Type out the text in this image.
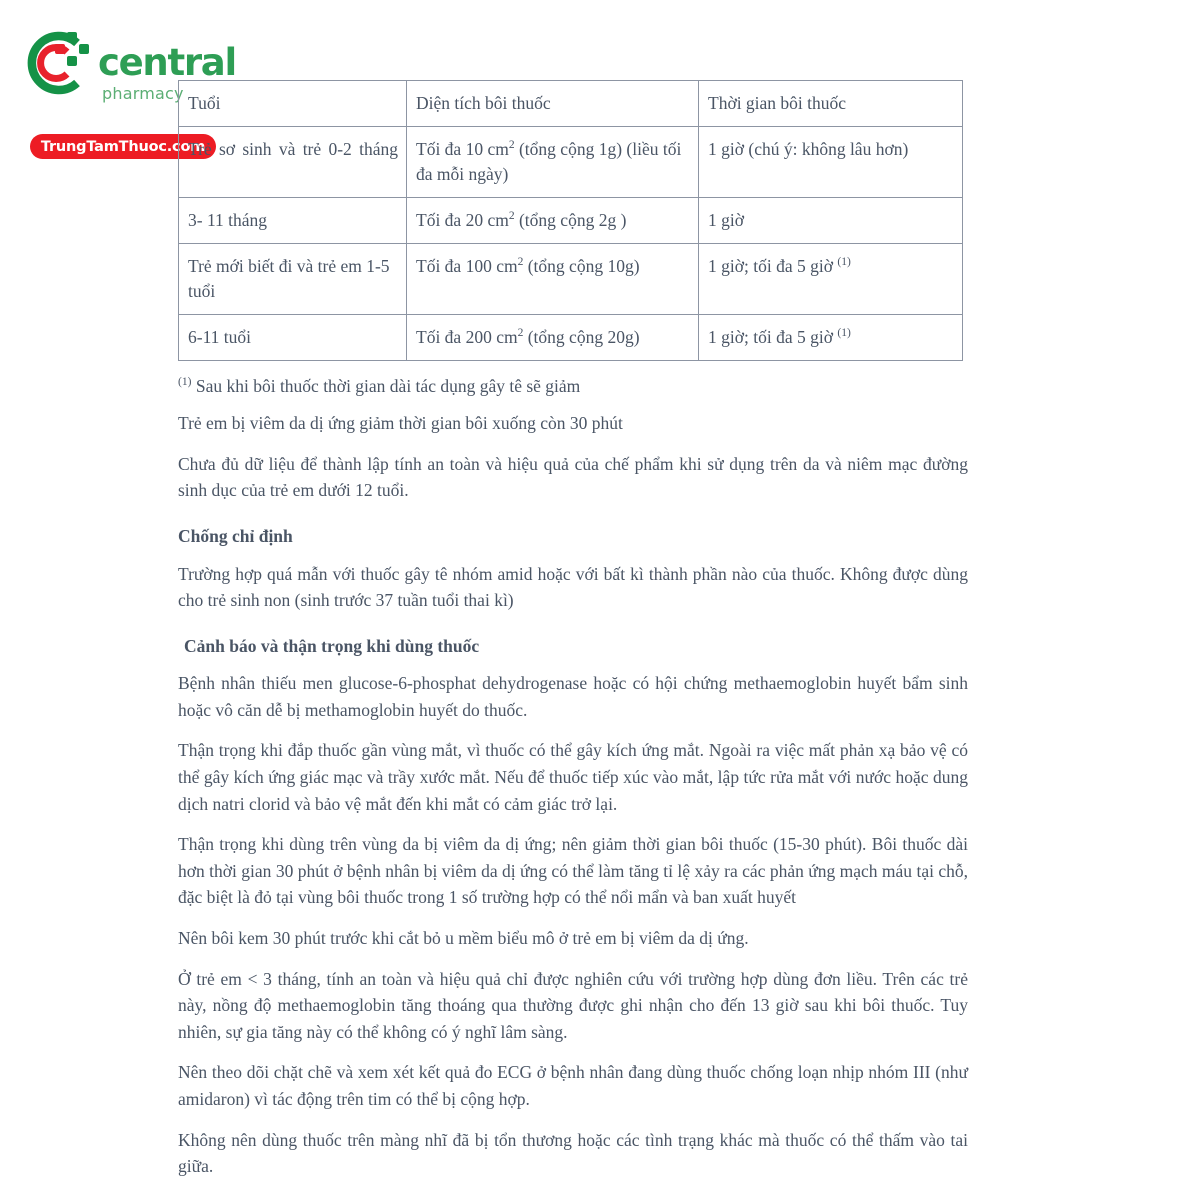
central
pharmacy
TrungTamThuoc.com
Tuổi	Diện tích bôi thuốc	Thời gian bôi thuốc
Trẻ sơ sinh và trẻ 0-2 tháng	Tối đa 10 $cm^2$ (tổng cộng 1g) (liều tối đa mỗi ngày)	1 giờ (chú ý: không lâu hơn)
3- 11 tháng	Tối đa 20 $cm^2$ (tổng cộng 2g )	1 giờ
Trẻ mới biết đi và trẻ em 1-5 tuổi	Tối đa 100 $cm^2$ (tổng cộng 10g)	1 giờ; tối đa 5 giờ $^{(1)}$
6-11 tuổi	Tối đa 200 $cm^2$ (tổng cộng 20g)	1 giờ; tối đa 5 giờ $^{(1)}$

$^{(1)}$ Sau khi bôi thuốc thời gian dài tác dụng gây tê sẽ giảm

Trẻ em bị viêm da dị ứng giảm thời gian bôi xuống còn 30 phút

Chưa đủ dữ liệu để thành lập tính an toàn và hiệu quả của chế phẩm khi sử dụng trên da và niêm mạc đường sinh dục của trẻ em dưới 12 tuổi.

Chống chỉ định

Trường hợp quá mẫn với thuốc gây tê nhóm amid hoặc với bất kì thành phần nào của thuốc. Không được dùng cho trẻ sinh non (sinh trước 37 tuần tuổi thai kì)

Cảnh báo và thận trọng khi dùng thuốc

Bệnh nhân thiếu men glucose-6-phosphat dehydrogenase hoặc có hội chứng methaemoglobin huyết bẩm sinh hoặc vô căn dễ bị methamoglobin huyết do thuốc.

Thận trọng khi đắp thuốc gần vùng mắt, vì thuốc có thể gây kích ứng mắt. Ngoài ra việc mất phản xạ bảo vệ có thể gây kích ứng giác mạc và trầy xước mắt. Nếu để thuốc tiếp xúc vào mắt, lập tức rửa mắt với nước hoặc dung dịch natri clorid và bảo vệ mắt đến khi mắt có cảm giác trở lại.

Thận trọng khi dùng trên vùng da bị viêm da dị ứng; nên giảm thời gian bôi thuốc (15-30 phút). Bôi thuốc dài hơn thời gian 30 phút ở bệnh nhân bị viêm da dị ứng có thể làm tăng tỉ lệ xảy ra các phản ứng mạch máu tại chỗ, đặc biệt là đỏ tại vùng bôi thuốc trong 1 số trường hợp có thể nổi mẩn và ban xuất huyết

Nên bôi kem 30 phút trước khi cắt bỏ u mềm biểu mô ở trẻ em bị viêm da dị ứng.

Ở trẻ em < 3 tháng, tính an toàn và hiệu quả chỉ được nghiên cứu với trường hợp dùng đơn liều. Trên các trẻ này, nồng độ methaemoglobin tăng thoáng qua thường được ghi nhận cho đến 13 giờ sau khi bôi thuốc. Tuy nhiên, sự gia tăng này có thể không có ý nghĩ lâm sàng.

Nên theo dõi chặt chẽ và xem xét kết quả đo ECG ở bệnh nhân đang dùng thuốc chống loạn nhịp nhóm III (như amidaron) vì tác động trên tim có thể bị cộng hợp.

Không nên dùng thuốc trên màng nhĩ đã bị tổn thương hoặc các tình trạng khác mà thuốc có thể thấm vào tai giữa.
